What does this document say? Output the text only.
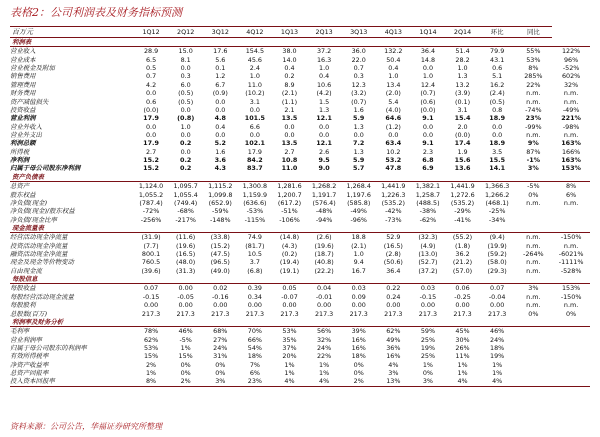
表格2：公司利润表及财务指标预测
百万元	1Q12	2Q12	3Q12	4Q12	1Q13	2Q13	3Q13	4Q13	1Q14	2Q14	环比	同比	
利润表													
营业收入	28.9	15.0	17.6	154.5	38.0	37.2	36.0	132.2	36.4	51.4	79.9	55%	122%
营业成本	6.5	8.1	5.6	45.6	14.0	16.3	22.0	50.4	14.8	28.2	43.1	53%	96%
营业税金及附加	0.5	0.0	0.1	2.4	0.4	1.0	0.7	0.4	0.0	1.0	0.6	8%	-52%
销售费用	0.7	0.3	1.2	1.0	0.2	0.4	0.3	1.0	1.0	1.3	5.1	285%	602%
管理费用	4.2	6.0	6.7	11.0	8.9	10.6	12.3	13.4	12.4	13.2	16.2	22%	32%
财务费用	0.0	(0.5)	(0.9)	(10.2)	(2.1)	(4.2)	(3.2)	(2.0)	(0.7)	(3.9)	(2.4)	n.m.	n.m.
资产减值损失	0.6	(0.5)	0.0	3.1	(1.1)	1.5	(0.7)	5.4	(0.6)	(0.1)	(0.5)	n.m.	n.m.
投资收益	(0.0)	0.0	0.0	0.0	2.1	1.3	1.6	(4.0)	(0.0)	3.1	0.8	-74%	-49%
营业利润	17.9	(0.8)	4.8	101.5	13.5	12.1	5.9	64.6	9.1	15.4	18.9	23%	221%
营业外收入	0.0	1.0	0.4	6.6	0.0	0.0	1.3	(1.2)	0.0	2.0	0.0	-99%	-98%
营业外支出	0.0	0.0	0.0	0.0	0.0	0.0	0.0	0.0	0.0	(0.0)	0.0	n.m.	n.m.
利润总额	17.9	0.2	5.2	102.1	13.5	12.1	7.2	63.4	9.1	17.4	18.9	9%	163%
所得税	2.7	0.0	1.6	17.9	2.7	2.6	1.3	10.2	2.3	1.9	3.5	87%	166%
净利润	15.2	0.2	3.6	84.2	10.8	9.5	5.9	53.2	6.8	15.6	15.5	-1%	163%
归属于母公司股东净利润	15.2	0.2	4.3	83.7	11.0	9.0	5.7	47.8	6.9	13.6	14.1	3%	153%
资产负债表													
总资产	1,124.0	1,095.7	1,115.2	1,300.8	1,281.6	1,268.2	1,268.4	1,441.9	1,382.1	1,441.9	1,366.3	-5%	8%
股东权益	1,055.2	1,055.4	1,099.8	1,159.9	1,200.7	1,191.7	1,197.6	1,226.3	1,258.7	1,272.6	1,266.2	0%	6%
净负债(现金)	(787.4)	(749.4)	(652.9)	(636.6)	(617.2)	(576.4)	(585.8)	(535.2)	(488.5)	(535.2)	(468.1)	n.m.	n.m.
净负债(现金)/股东权益	-72%	-68%	-59%	-53%	-51%	-48%	-49%	-42%	-38%	-29%	-25%		
净负债/现金比率	-256%	-217%	-148%	-115%	-106%	-94%	-96%	-73%	-62%	-41%	-34%		
现金流量表													
经营活动现金净流量	(31.9)	(11.6)	(33.8)	74.9	(14.8)	(2.6)	18.8	52.9	(32.3)	(55.2)	(9.4)	n.m.	-150%
投资活动现金净流量	(7.7)	(19.6)	(15.2)	(81.7)	(4.3)	(19.6)	(2.1)	(16.5)	(4.9)	(1.8)	(19.9)	n.m.	n.m.
融资活动现金净流量	800.1	(16.5)	(47.5)	10.5	(0.2)	(18.7)	1.0	(2.8)	(13.0)	36.2	(59.2)	-264%	-6021%
现金及现金等价物变动	760.5	(48.0)	(96.5)	3.7	(19.4)	(40.8)	9.4	(50.6)	(52.7)	(21.2)	(58.0)	n.m.	-1111%
自由现金流	(39.6)	(31.3)	(49.0)	(6.8)	(19.1)	(22.2)	16.7	36.4	(37.2)	(57.0)	(29.3)	n.m.	-528%
每股信息													
每股收益	0.07	0.00	0.02	0.39	0.05	0.04	0.03	0.22	0.03	0.06	0.07	3%	153%
每股经营活动现金流量	-0.15	-0.05	-0.16	0.34	-0.07	-0.01	0.09	0.24	-0.15	-0.25	-0.04	n.m.	-150%
每股股利	0.00	0.00	0.00	0.00	0.00	0.00	0.00	0.00	0.00	0.00	0.00	n.m.	n.m.
总股数(百万)	217.3	217.3	217.3	217.3	217.3	217.3	217.3	217.3	217.3	217.3	217.3	0%	0%
利润率及财务分析													
毛利率	78%	46%	68%	70%	53%	56%	39%	62%	59%	45%	46%		
营业利润率	62%	-5%	27%	66%	35%	32%	16%	49%	25%	30%	24%		
归属于母公司股东的利润率	53%	1%	24%	54%	37%	24%	16%	36%	19%	26%	18%		
有效所得税率	15%	15%	31%	18%	20%	22%	18%	16%	25%	11%	19%		
净资产收益率	2%	0%	0%	7%	1%	1%	0%	4%	1%	1%	1%		
总资产回报率	1%	0%	0%	6%	1%	1%	0%	3%	0%	1%	1%		
投入资本回报率	8%	2%	3%	23%	4%	4%	2%	13%	3%	4%	4%		
资料来源：公司公告，华福证券研究所整理
